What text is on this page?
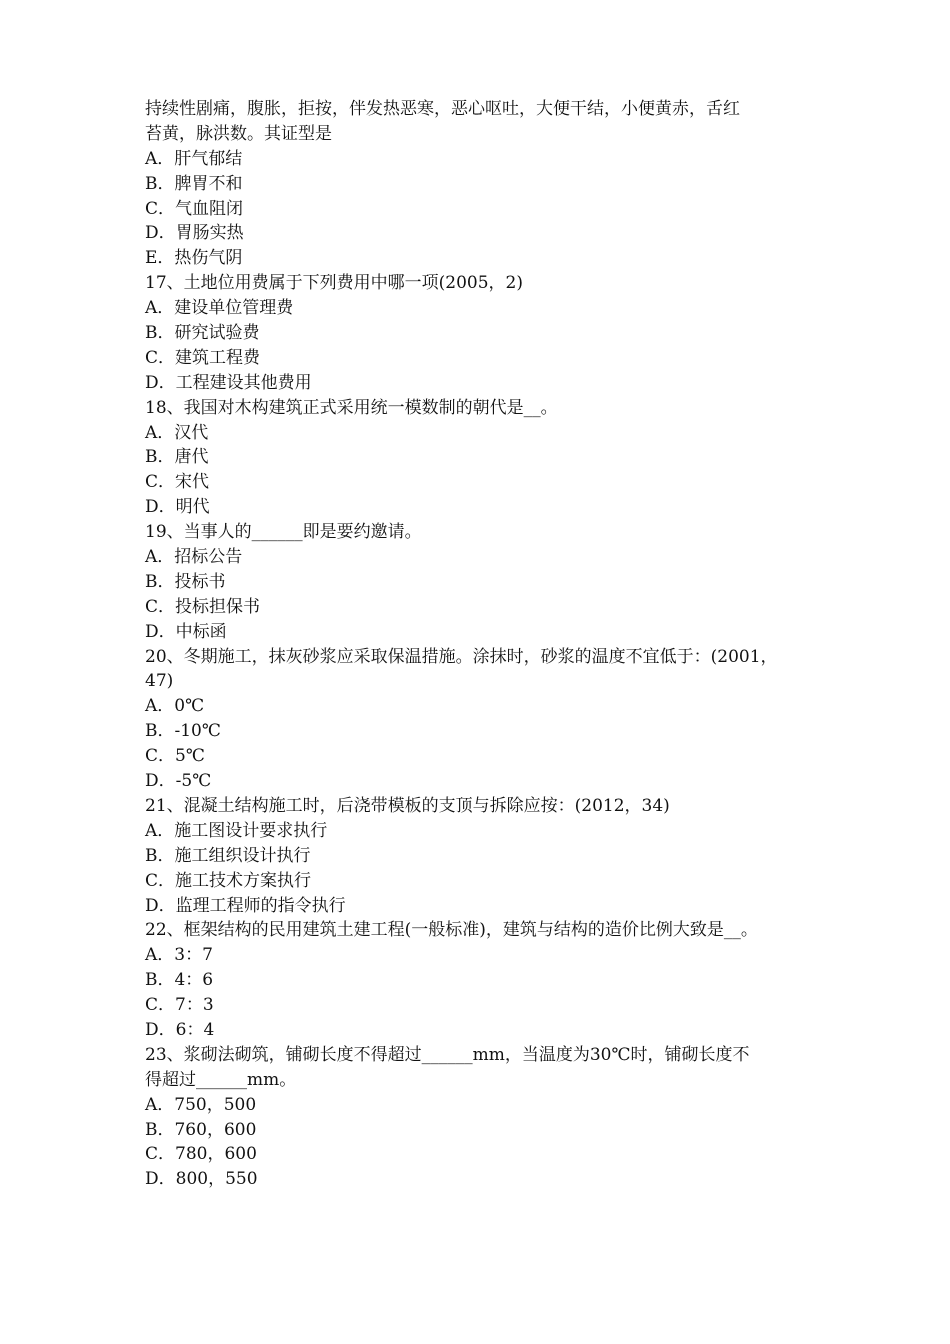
持续性剧痛，腹胀，拒按，伴发热恶寒，恶心呕吐，大便干结，小便黄赤，舌红
苔黄，脉洪数。其证型是
A．肝气郁结
B．脾胃不和
C．气血阻闭
D．胃肠实热
E．热伤气阴
17、土地位用费属于下列费用中哪一项(2005，2)
A．建设单位管理费
B．研究试验费
C．建筑工程费
D．工程建设其他费用
18、我国对木构建筑正式采用统一模数制的朝代是__。
A．汉代
B．唐代
C．宋代
D．明代
19、当事人的______即是要约邀请。
A．招标公告
B．投标书
C．投标担保书
D．中标函
20、冬期施工，抹灰砂浆应采取保温措施。涂抹时，砂浆的温度不宜低于：(2001，
47)
A．0℃
B．-10℃
C．5℃
D．-5℃
21、混凝土结构施工时，后浇带模板的支顶与拆除应按：(2012，34)
A．施工图设计要求执行
B．施工组织设计执行
C．施工技术方案执行
D．监理工程师的指令执行
22、框架结构的民用建筑土建工程(一般标准)，建筑与结构的造价比例大致是__。
A．3：7
B．4：6
C．7：3
D．6：4
23、浆砌法砌筑，铺砌长度不得超过______mm，当温度为30℃时，铺砌长度不
得超过______mm。
A．750，500
B．760，600
C．780，600
D．800，550
